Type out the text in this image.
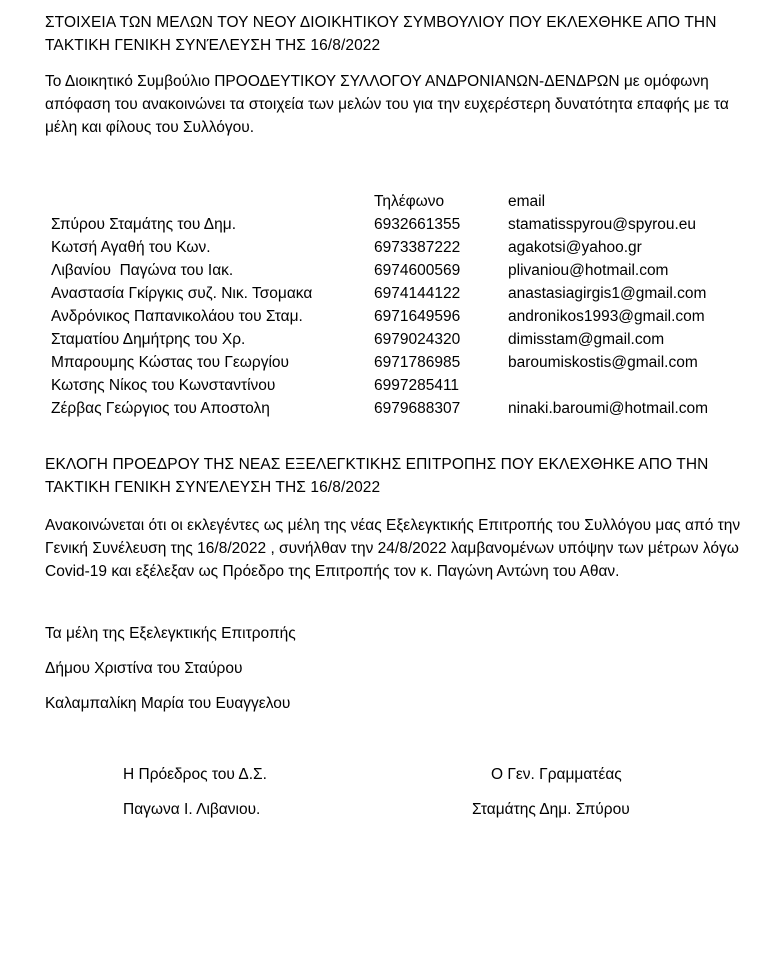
ΣΤΟΙΧΕΙΑ ΤΩΝ ΜΕΛΩΝ ΤΟΥ ΝΕΟΥ ΔΙΟΙΚΗΤΙΚΟΥ ΣΥΜΒΟΥΛΙΟΥ ΠΟΥ ΕΚΛΕΧΘΗΚΕ ΑΠΟ ΤΗΝ ΤΑΚΤΙΚΗ ΓΕΝΙΚΗ ΣΥΝΈΛΕΥΣΗ ΤΗΣ 16/8/2022

Το Διοικητικό Συμβούλιο ΠΡΟΟΔΕΥΤΙΚΟΥ ΣΥΛΛΟΓΟΥ ΑΝΔΡΟΝΙΑΝΩΝ-ΔΕΝΔΡΩΝ με ομόφωνη απόφαση του ανακοινώνει τα στοιχεία των μελών του για την ευχερέστερη δυνατότητα επαφής με τα μέλη και φίλους του Συλλόγου.

	Τηλέφωνο	email
Σπύρου Σταμάτης του Δημ.	6932661355	stamatisspyrou@spyrou.eu
Κωτσή Αγαθή του Κων.	6973387222	agakotsi@yahoo.gr
Λιβανίου  Παγώνα του Ιακ.	6974600569	plivaniou@hotmail.com
Αναστασία Γκίργκις συζ. Νικ. Τσομακα	6974144122	anastasiagirgis1@gmail.com
Ανδρόνικος Παπανικολάου του Σταμ.	6971649596	andronikos1993@gmail.com
Σταματίου Δημήτρης του Χρ.	6979024320	dimisstam@gmail.com
Μπαρουμης Κώστας του Γεωργίου	6971786985	baroumiskostis@gmail.com
Κωτσης Νίκος του Κωνσταντίνου	6997285411	
Ζέρβας Γεώργιος του Αποστολη	6979688307	ninaki.baroumi@hotmail.com

ΕΚΛΟΓΗ ΠΡΟΕΔΡΟΥ ΤΗΣ ΝΕΑΣ ΕΞΕΛΕΓΚΤΙΚΗΣ ΕΠΙΤΡΟΠΗΣ ΠΟΥ ΕΚΛΕΧΘΗΚΕ ΑΠΟ ΤΗΝ ΤΑΚΤΙΚΗ ΓΕΝΙΚΗ ΣΥΝΈΛΕΥΣΗ ΤΗΣ 16/8/2022

Ανακοινώνεται ότι οι εκλεγέντες ως μέλη της νέας Εξελεγκτικής Επιτροπής του Συλλόγου μας από την Γενική Συνέλευση της 16/8/2022 , συνήλθαν την 24/8/2022 λαμβανομένων υπόψην των μέτρων λόγω Covid-19 και εξέλεξαν ως Πρόεδρο της Επιτροπής τον κ. Παγώνη Αντώνη του Αθαν.

Τα μέλη της Εξελεγκτικής Επιτροπής

Δήμου Χριστίνα του Σταύρου

Καλαμπαλίκη Μαρία του Ευαγγελου

Η Πρόεδρος του Δ.Σ.

Παγωνα Ι. Λιβανιου.

Ο Γεν. Γραμματέας

Σταμάτης Δημ. Σπύρου
